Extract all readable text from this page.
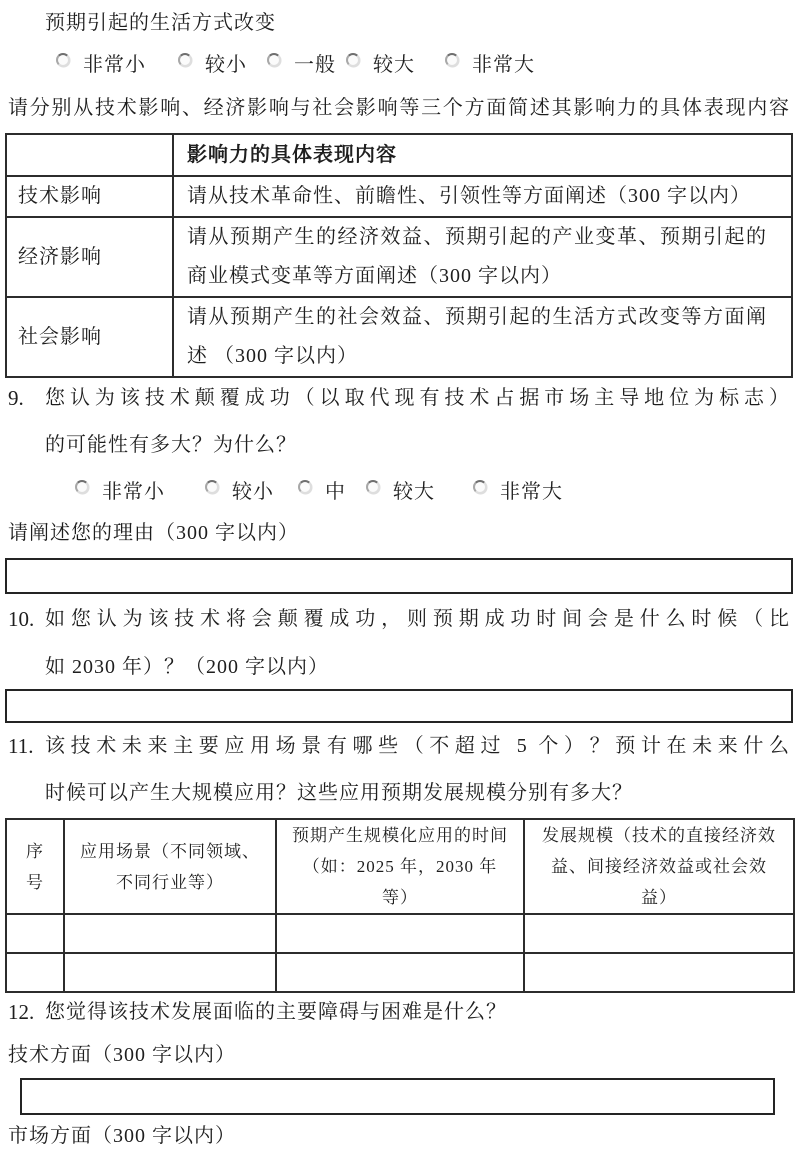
预期引起的生活方式改变
非常小	较小 一般 较大	非常大
请分别从技术影响、经济影响与社会影响等三个方面简述其影响力的具体表现内容
	影响力的具体表现内容
技术影响	请从技术革命性、前瞻性、引领性等方面阐述（300 字以内）
经济影响	请从预期产生的经济效益、预期引起的产业变革、预期引起的商业模式变革等方面阐述（300 字以内）
社会影响	请从预期产生的社会效益、预期引起的生活方式改变等方面阐述 （300 字以内）
9.	您认为该技术颠覆成功（以取代现有技术占据市场主导地位为标志）
的可能性有多大？为什么？
非常小	较小	中 较大	非常大
请阐述您的理由（300 字以内）
10. 如您认为该技术将会颠覆成功，则预期成功时间会是什么时候（比
如 2030 年）？（200 字以内）
11. 该技术未来主要应用场景有哪些（不超过 5 个）？预计在未来什么
时候可以产生大规模应用？这些应用预期发展规模分别有多大？
序号	应用场景（不同领域、不同行业等）	预期产生规模化应用的时间（如：2025 年，2030 年等）	发展规模（技术的直接经济效益、间接经济效益或社会效益）

12. 您觉得该技术发展面临的主要障碍与困难是什么？
技术方面（300 字以内）
市场方面（300 字以内）
